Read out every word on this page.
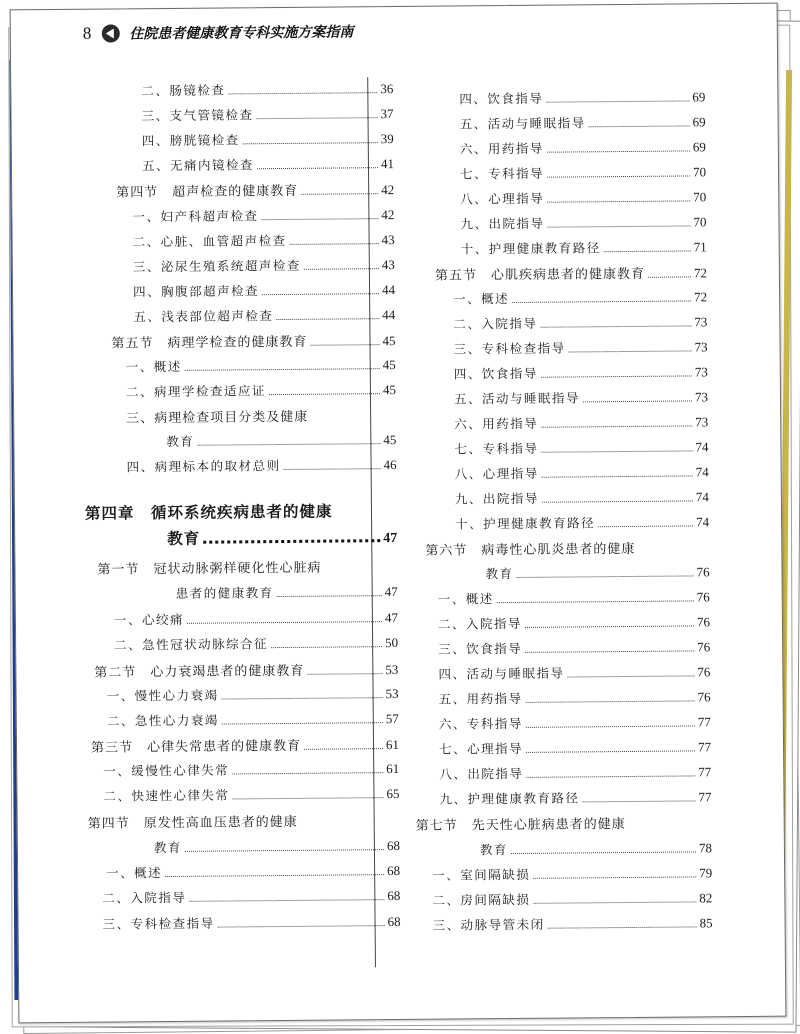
8	住院患者健康教育专科实施方案指南
二、肠镜检查	36
三、支气管镜检查	37
四、膀胱镜检查	39
五、无痛内镜检查	41
第四节　超声检查的健康教育	42
一、妇产科超声检查	42
二、心脏、血管超声检查	43
三、泌尿生殖系统超声检查	43
四、胸腹部超声检查	44
五、浅表部位超声检查	44
第五节　病理学检查的健康教育	45
一、概述	45
二、病理学检查适应证	45
三、病理检查项目分类及健康
教育	45
四、病理标本的取材总则	46
第四章　循环系统疾病患者的健康
教育	47
第一节　冠状动脉粥样硬化性心脏病
患者的健康教育	47
一、心绞痛	47
二、急性冠状动脉综合征	50
第二节　心力衰竭患者的健康教育	53
一、慢性心力衰竭	53
二、急性心力衰竭	57
第三节　心律失常患者的健康教育	61
一、缓慢性心律失常	61
二、快速性心律失常	65
第四节　原发性高血压患者的健康
教育	68
一、概述	68
二、入院指导	68
三、专科检查指导	68
四、饮食指导	69
五、活动与睡眠指导	69
六、用药指导	69
七、专科指导	70
八、心理指导	70
九、出院指导	70
十、护理健康教育路径	71
第五节　心肌疾病患者的健康教育	72
一、概述	72
二、入院指导	73
三、专科检查指导	73
四、饮食指导	73
五、活动与睡眠指导	73
六、用药指导	73
七、专科指导	74
八、心理指导	74
九、出院指导	74
十、护理健康教育路径	74
第六节　病毒性心肌炎患者的健康
教育	76
一、概述	76
二、入院指导	76
三、饮食指导	76
四、活动与睡眠指导	76
五、用药指导	76
六、专科指导	77
七、心理指导	77
八、出院指导	77
九、护理健康教育路径	77
第七节　先天性心脏病患者的健康
教育	78
一、室间隔缺损	79
二、房间隔缺损	82
三、动脉导管未闭	85
